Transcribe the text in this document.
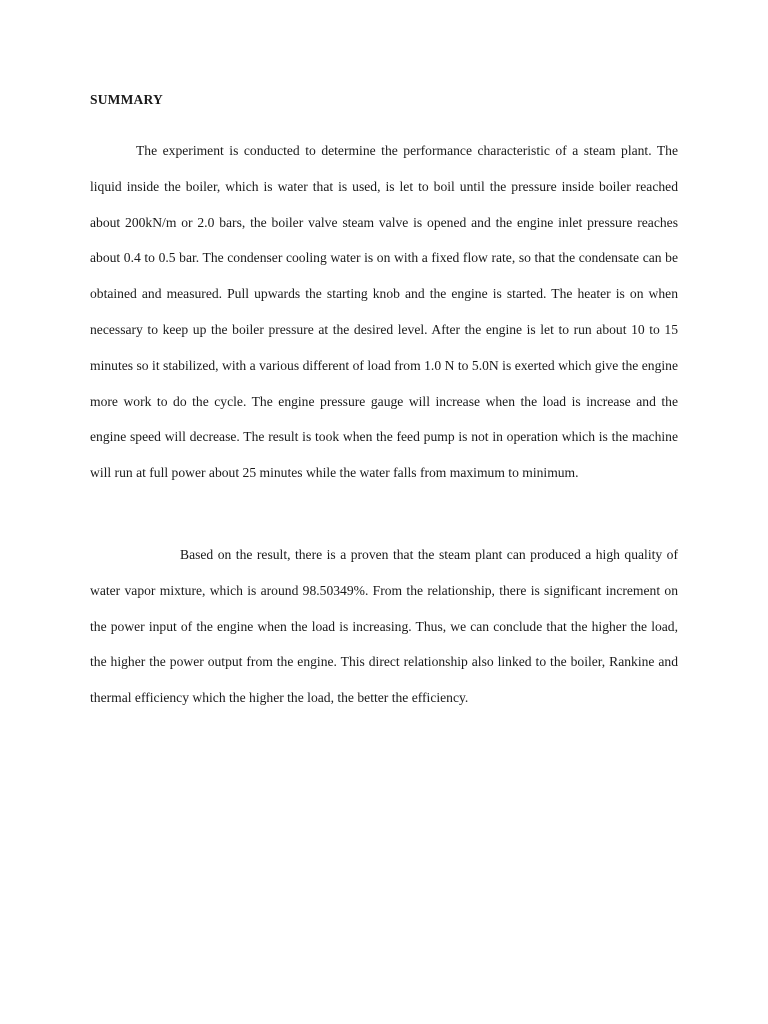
SUMMARY

The experiment is conducted to determine the performance characteristic of a steam plant. The liquid inside the boiler, which is water that is used, is let to boil until the pressure inside boiler reached about 200kN/m or 2.0 bars, the boiler valve steam valve is opened and the engine inlet pressure reaches about 0.4 to 0.5 bar. The condenser cooling water is on with a fixed flow rate, so that the condensate can be obtained and measured. Pull upwards the starting knob and the engine is started. The heater is on when necessary to keep up the boiler pressure at the desired level. After the engine is let to run about 10 to 15 minutes so it stabilized, with a various different of load from 1.0 N to 5.0N is exerted which give the engine more work to do the cycle. The engine pressure gauge will increase when the load is increase and the engine speed will decrease. The result is took when the feed pump is not in operation which is the machine will run at full power about 25 minutes while the water falls from maximum to minimum.

Based on the result, there is a proven that the steam plant can produced a high quality of water vapor mixture, which is around 98.50349%. From the relationship, there is significant increment on the power input of the engine when the load is increasing. Thus, we can conclude that the higher the load, the higher the power output from the engine. This direct relationship also linked to the boiler, Rankine and thermal efficiency which the higher the load, the better the efficiency.
